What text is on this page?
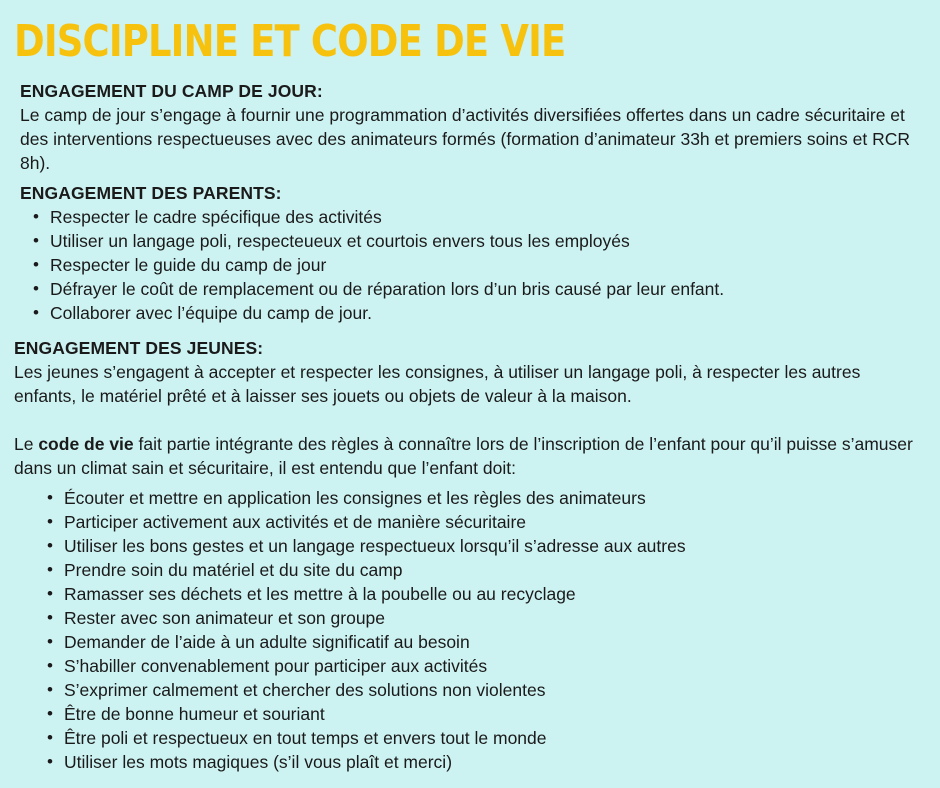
DISCIPLINE ET CODE DE VIE
ENGAGEMENT DU CAMP DE JOUR:

Le camp de jour s’engage à fournir une programmation d’activités diversifiées offertes dans un cadre sécuritaire et des interventions respectueuses avec des animateurs formés (formation d’animateur 33h et premiers soins et RCR 8h).

ENGAGEMENT DES PARENTS:
• Respecter le cadre spécifique des activités
• Utiliser un langage poli, respecteueux et courtois envers tous les employés
• Respecter le guide du camp de jour
• Défrayer le coût de remplacement ou de réparation lors d’un bris causé par leur enfant.
• Collaborer avec l’équipe du camp de jour.
ENGAGEMENT DES JEUNES:

Les jeunes s’engagent à accepter et respecter les consignes, à utiliser un langage poli, à respecter les autres enfants, le matériel prêté et à laisser ses jouets ou objets de valeur à la maison.

Le code de vie fait partie intégrante des règles à connaître lors de l’inscription de l’enfant pour qu’il puisse s’amuser dans un climat sain et sécuritaire, il est entendu que l’enfant doit:

• Écouter et mettre en application les consignes et les règles des animateurs
• Participer activement aux activités et de manière sécuritaire
• Utiliser les bons gestes et un langage respectueux lorsqu’il s’adresse aux autres
• Prendre soin du matériel et du site du camp
• Ramasser ses déchets et les mettre à la poubelle ou au recyclage
• Rester avec son animateur et son groupe
• Demander de l’aide à un adulte significatif au besoin
• S’habiller convenablement pour participer aux activités
• S’exprimer calmement et chercher des solutions non violentes
• Être de bonne humeur et souriant
• Être poli et respectueux en tout temps et envers tout le monde
• Utiliser les mots magiques (s’il vous plaît et merci)
